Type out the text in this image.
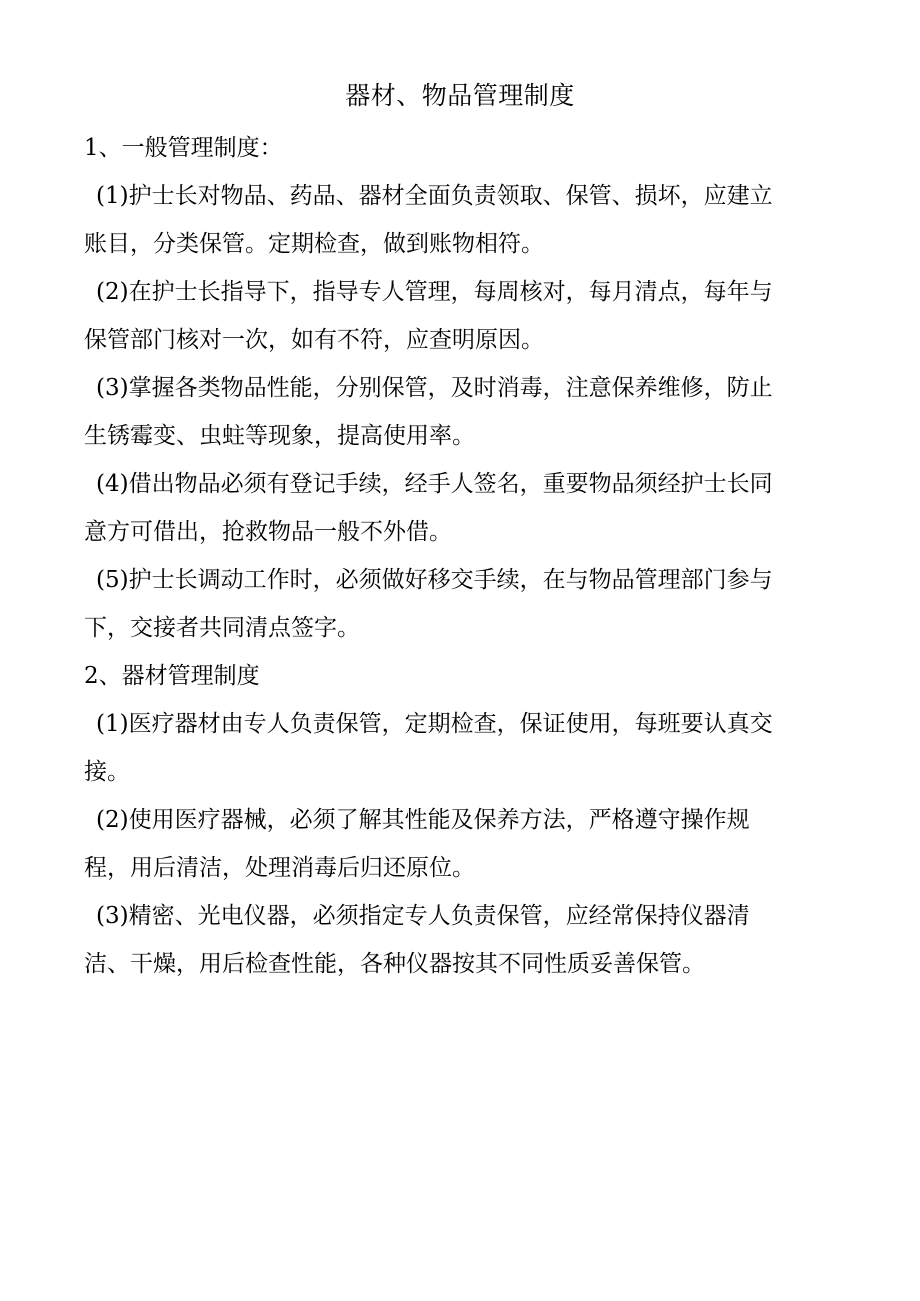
器材、物品管理制度

1、一般管理制度：

(1)护士长对物品、药品、器材全面负责领取、保管、损坏，应建立
账目，分类保管。定期检查，做到账物相符。

(2)在护士长指导下，指导专人管理，每周核对，每月清点，每年与
保管部门核对一次，如有不符，应查明原因。

(3)掌握各类物品性能，分别保管，及时消毒，注意保养维修，防止
生锈霉变、虫蛀等现象，提高使用率。

(4)借出物品必须有登记手续，经手人签名，重要物品须经护士长同
意方可借出，抢救物品一般不外借。

(5)护士长调动工作时，必须做好移交手续，在与物品管理部门参与
下，交接者共同清点签字。

2、器材管理制度

(1)医疗器材由专人负责保管，定期检查，保证使用，每班要认真交
接。

(2)使用医疗器械，必须了解其性能及保养方法，严格遵守操作规
程，用后清洁，处理消毒后归还原位。

(3)精密、光电仪器，必须指定专人负责保管，应经常保持仪器清
洁、干燥，用后检查性能，各种仪器按其不同性质妥善保管。
